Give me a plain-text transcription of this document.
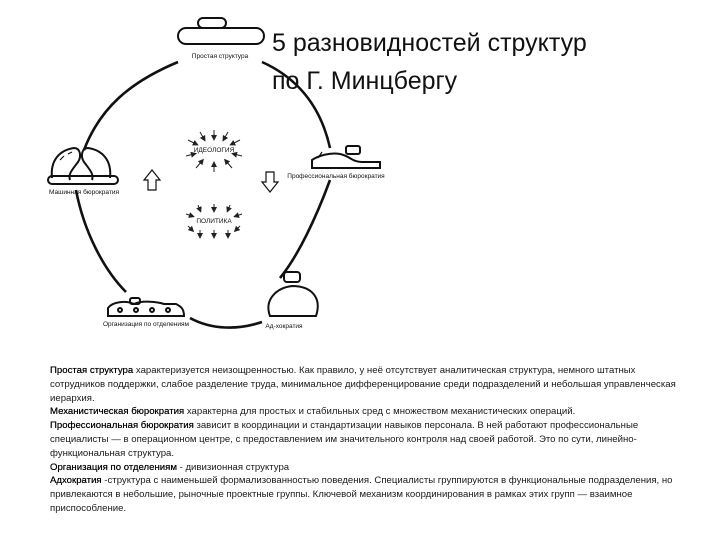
5 разновидностей структур
по Г. Минцбергу
Простая структура
Машинная бюрократия
Профессиональная бюрократия
Организация по отделениям	Ад-хократия
ИДЕОЛОГИЯ
ПОЛИТИКА

Простая структура характеризуется неизощренностью. Как правило, у неё отсутствует аналитическая структура, немного штатных сотрудников поддержки, слабое разделение труда, минимальное дифференцирование среди подразделений и небольшая управленческая иерархия.

Механистическая бюрократия характерна для простых и стабильных сред с множеством механистических операций.

Профессиональная бюрократия зависит в координации и стандартизации навыков персонала. В ней работают профессиональные специалисты — в операционном центре, с предоставлением им значительного контроля над своей работой. Это по сути, линейно-функциональная структура.

Организация по отделениям - дивизионная структура

Адхократия -структура с наименьшей формализованностью поведения. Специалисты группируются в функциональные подразделения, но привлекаются в небольшие, рыночные проектные группы. Ключевой механизм координирования в рамках этих групп — взаимное приспособление.
